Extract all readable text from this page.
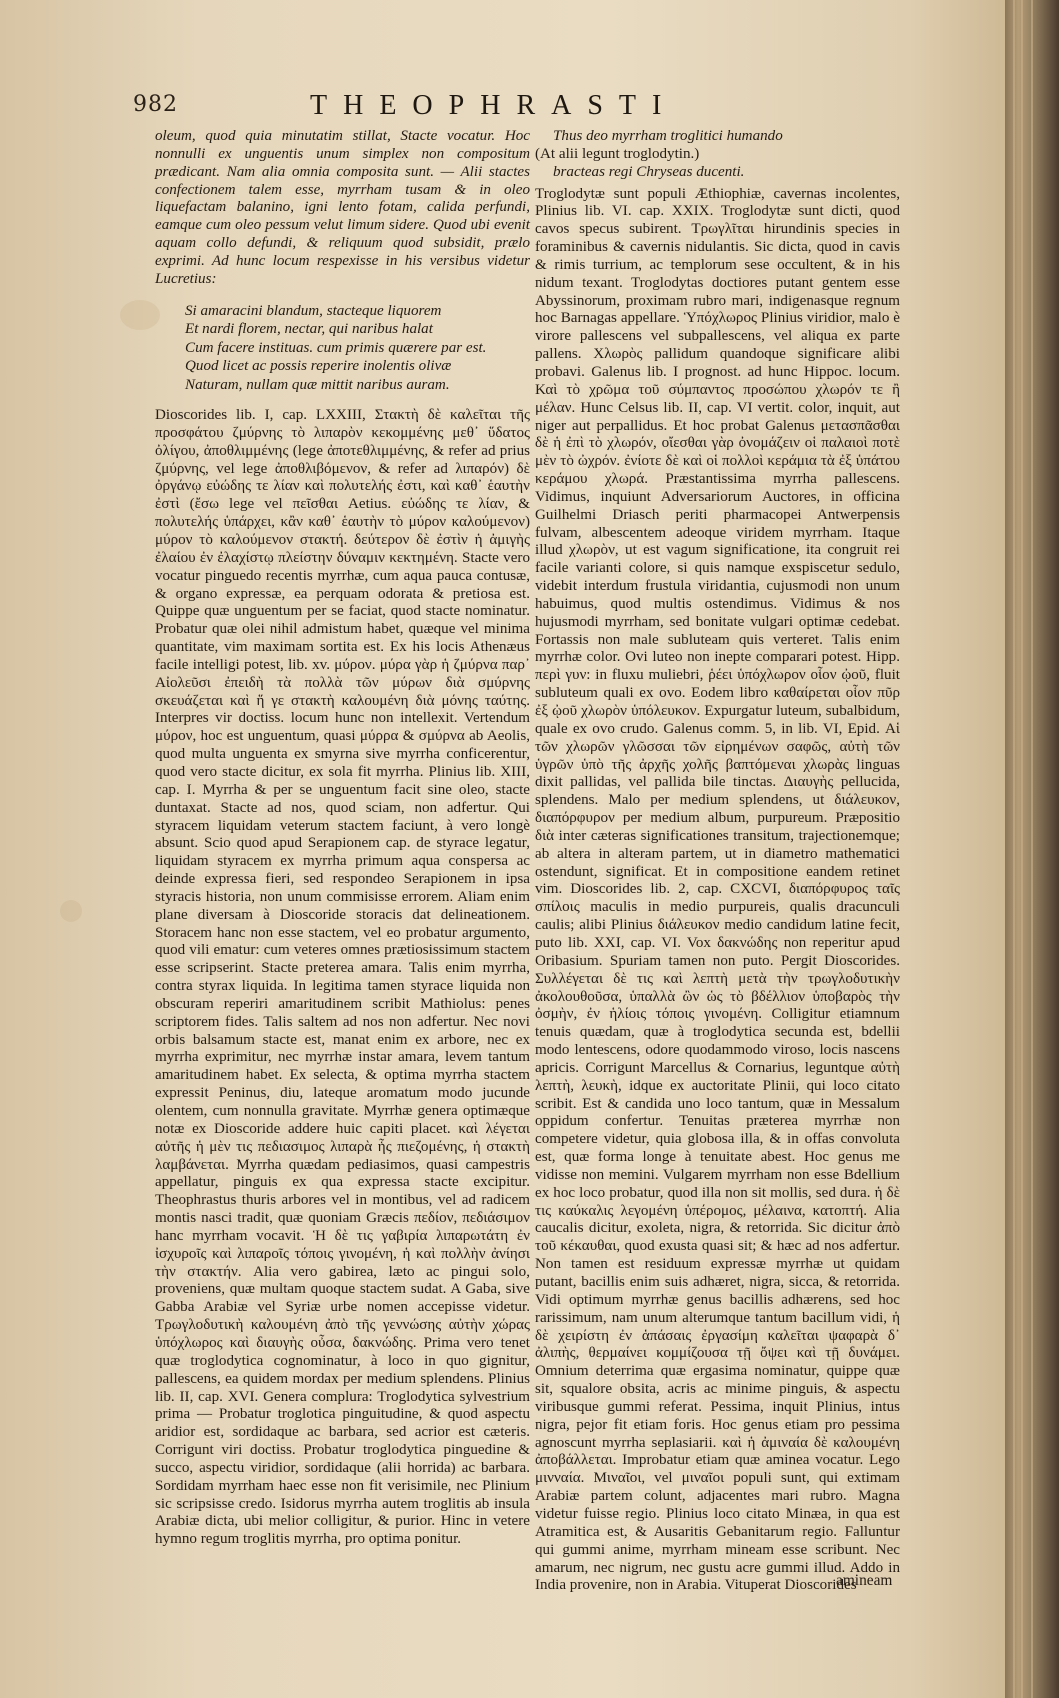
982	THEOPHRASTI

oleum, quod quia minutatim stillat, Stacte vocatur. Hoc nonnulli ex unguentis unum simplex non compositum prædicant. Nam alia omnia composita sunt. — Alii stactes confectionem talem esse, myrrham tusam & in oleo liquefactam balanino, igni lento fotam, calida perfundi, eamque cum oleo pessum velut limum sidere. Quod ubi evenit aquam collo defundi, & reliquum quod subsidit, prælo exprimi. Ad hunc locum respexisse in his versibus videtur Lucretius:

Si amaracini blandum, stacteque liquorem
Et nardi florem, nectar, qui naribus halat
Cum facere instituas. cum primis quærere par est.
Quod licet ac possis reperire inolentis olivæ
Naturam, nullam quæ mittit naribus auram.

Dioscorides lib. I, cap. LXXIII, Στακτὴ δὲ καλεῖται τῆς προσφάτου ζμύρνης τὸ λιπαρὸν κεκομμένης μεθ᾽ ὕδατος ὀλίγου, ἀποθλιμμένης (lege ἀποτεθλιμμένης, & refer ad prius ζμύρνης, vel lege ἀποθλιβόμενον, & refer ad λιπαρόν) δὲ ὀργάνῳ εὐώδης τε λίαν καὶ πολυτελής ἐστι, καὶ καθ᾽ ἑαυτὴν ἐστὶ (ἔσω lege vel πεῖσθαι Aetius. εὐώδης τε λίαν, & πολυτελής ὑπάρχει, κἂν καθ᾽ ἑαυτὴν τὸ μύρον καλούμενον) μύρον τὸ καλούμενον στακτή. δεύτερον δὲ ἐστὶν ἡ ἀμιγὴς ἐλαίου ἐν ἐλαχίστῳ πλείστην δύναμιν κεκτημένη. Stacte vero vocatur pinguedo recentis myrrhæ, cum aqua pauca contusæ, & organo expressæ, ea perquam odorata & pretiosa est. Quippe quæ unguentum per se faciat, quod stacte nominatur. Probatur quæ olei nihil admistum habet, quæque vel minima quantitate, vim maximam sortita est. Ex his locis Athenæus facile intelligi potest, lib. xv. μύρον. μύρα γὰρ ἡ ζμύρνα παρ᾽ Αἰολεῦσι ἐπειδὴ τὰ πολλὰ τῶν μύρων διὰ σμύρνης σκευάζεται καὶ ἥ γε στακτὴ καλουμένη διὰ μόνης ταύτης. Interpres vir doctiss. locum hunc non intellexit. Vertendum μύρον, hoc est unguentum, quasi μύρρα & σμύρνα ab Aeolis, quod multa unguenta ex smyrna sive myrrha conficerentur, quod vero stacte dicitur, ex sola fit myrrha. Plinius lib. XIII, cap. I. Myrrha & per se unguentum facit sine oleo, stacte duntaxat. Stacte ad nos, quod sciam, non adfertur. Qui styracem liquidam veterum stactem faciunt, à vero longè absunt. Scio quod apud Serapionem cap. de styrace legatur, liquidam styracem ex myrrha primum aqua conspersa ac deinde expressa fieri, sed respondeo Serapionem in ipsa styracis historia, non unum commisisse errorem. Aliam enim plane diversam à Dioscoride storacis dat delineationem. Storacem hanc non esse stactem, vel eo probatur argumento, quod vili ematur: cum veteres omnes prætiosissimum stactem esse scripserint. Stacte preterea amara. Talis enim myrrha, contra styrax liquida. In legitima tamen styrace liquida non obscuram reperiri amaritudinem scribit Mathiolus: penes scriptorem fides. Talis saltem ad nos non adfertur. Nec novi orbis balsamum stacte est, manat enim ex arbore, nec ex myrrha exprimitur, nec myrrhæ instar amara, levem tantum amaritudinem habet. Ex selecta, & optima myrrha stactem expressit Peninus, diu, lateque aromatum modo jucunde olentem, cum nonnulla gravitate. Myrrhæ genera optimæque notæ ex Dioscoride addere huic capiti placet. καὶ λέγεται αὐτῆς ἡ μὲν τις πεδιασιμος λιπαρὰ ἧς πιεζομένης, ἡ στακτὴ λαμβάνεται. Myrrha quædam pediasimos, quasi campestris appellatur, pinguis ex qua expressa stacte excipitur. Theophrastus thuris arbores vel in montibus, vel ad radicem montis nasci tradit, quæ quoniam Græcis πεδίον, πεδιάσιμον hanc myrrham vocavit. Ἡ δὲ τις γαβιρία λιπαρωτάτη ἐν ἰσχυροῖς καὶ λιπαροῖς τόποις γινομένη, ἡ καὶ πολλὴν ἀνίησι τὴν στακτήν. Alia vero gabirea, læto ac pingui solo, proveniens, quæ multam quoque stactem sudat. A Gaba, sive Gabba Arabiæ vel Syriæ urbe nomen accepisse videtur. Τρωγλοδυτικὴ καλουμένη ἀπὸ τῆς γεννώσης αὐτὴν χώρας ὑπόχλωρος καὶ διαυγὴς οὖσα, δακνώδης. Prima vero tenet quæ troglodytica cognominatur, à loco in quo gignitur, pallescens, ea quidem mordax per medium splendens. Plinius lib. II, cap. XVI. Genera complura: Troglodytica sylvestrium prima — Probatur troglotica pinguitudine, & quod aspectu aridior est, sordidaque ac barbara, sed acrior est cæteris. Corrigunt viri doctiss. Probatur troglodytica pinguedine & succo, aspectu viridior, sordidaque (alii horrida) ac barbara. Sordidam myrrham haec esse non fit verisimile, nec Plinium sic scripsisse credo. Isidorus myrrha autem troglitis ab insula Arabiæ dicta, ubi melior colligitur, & purior. Hinc in vetere hymno regum troglitis myrrha, pro optima ponitur.

Thus deo myrrham troglitici humando
(At alii legunt troglodytin.)
bracteas regi Chryseas ducenti.

Troglodytæ sunt populi Æthiophiæ, cavernas incolentes, Plinius lib. VI. cap. XXIX. Troglodytæ sunt dicti, quod cavos specus subirent. Τρωγλῖται hirundinis species in foraminibus & cavernis nidulantis. Sic dicta, quod in cavis & rimis turrium, ac templorum sese occultent, & in his nidum texant. Troglodytas doctiores putant gentem esse Abyssinorum, proximam rubro mari, indigenasque regnum hoc Barnagas appellare. Ὑπόχλωρος Plinius viridior, malo è virore pallescens vel subpallescens, vel aliqua ex parte pallens. Χλωρὸς pallidum quandoque significare alibi probavi. Galenus lib. I prognost. ad hunc Hippoc. locum. Καὶ τὸ χρῶμα τοῦ σύμπαντος προσώπου χλωρόν τε ἢ μέλαν. Hunc Celsus lib. II, cap. VI vertit. color, inquit, aut niger aut perpallidus. Et hoc probat Galenus μετασπᾶσθαι δὲ ἡ ἐπὶ τὸ χλωρόν, οἴεσθαι γὰρ ὀνομάζειν οἱ παλαιοὶ ποτὲ μὲν τὸ ὠχρόν. ἐνίοτε δὲ καὶ οἱ πολλοὶ κεράμια τὰ ἐξ ὑπάτου κεράμου χλωρά. Præstantissima myrrha pallescens. Vidimus, inquiunt Adversariorum Auctores, in officina Guilhelmi Driasch periti pharmacopei Antwerpensis fulvam, albescentem adeoque viridem myrrham. Itaque illud χλωρὸν, ut est vagum significatione, ita congruit rei facile varianti colore, si quis namque exspiscetur sedulo, videbit interdum frustula viridantia, cujusmodi non unum habuimus, quod multis ostendimus. Vidimus & nos hujusmodi myrrham, sed bonitate vulgari optimæ cedebat. Fortassis non male subluteam quis verteret. Talis enim myrrhæ color. Ovi luteo non inepte comparari potest. Hipp. περὶ γυν: in fluxu muliebri, ῥέει ὑπόχλωρον οἷον ᾠοῦ, fluit subluteum quali ex ovo. Eodem libro καθαίρεται οἷον πῦρ ἐξ ᾠοῦ χλωρὸν ὑπόλευκον. Expurgatur luteum, subalbidum, quale ex ovo crudo. Galenus comm. 5, in lib. VI, Epid. Αἱ τῶν χλωρῶν γλῶσσαι τῶν εἰρημένων σαφῶς, αὐτὴ τῶν ὑγρῶν ὑπὸ τῆς ἀρχῆς χολῆς βαπτόμεναι χλωρὰς linguas dixit pallidas, vel pallida bile tinctas. Διαυγὴς pellucida, splendens. Malo per medium splendens, ut διάλευκον, διαπόρφυρον per medium album, purpureum. Præpositio διὰ inter cæteras significationes transitum, trajectionemque; ab altera in alteram partem, ut in diametro mathematici ostendunt, significat. Et in compositione eandem retinet vim. Dioscorides lib. 2, cap. CXCVI, διαπόρφυρος ταῖς σπίλοις maculis in medio purpureis, qualis dracunculi caulis; alibi Plinius διάλευκον medio candidum latine fecit, puto lib. XXI, cap. VI. Vox δακνώδης non reperitur apud Oribasium. Spuriam tamen non puto. Pergit Dioscorides. Συλλέγεται δὲ τις καὶ λεπτὴ μετὰ τὴν τρωγλοδυτικὴν ἀκολουθοῦσα, ὑπαλλὰ ὢν ὡς τὸ βδέλλιον ὑποβαρὸς τὴν ὀσμὴν, ἐν ἡλίοις τόποις γινομένη. Colligitur etiamnum tenuis quædam, quæ à troglodytica secunda est, bdellii modo lentescens, odore quodammodo viroso, locis nascens apricis. Corrigunt Marcellus & Cornarius, leguntque αὐτὴ λεπτὴ, λευκὴ, idque ex auctoritate Plinii, qui loco citato scribit. Est & candida uno loco tantum, quæ in Messalum oppidum confertur. Tenuitas præterea myrrhæ non competere videtur, quia globosa illa, & in offas convoluta est, quæ forma longe à tenuitate abest. Hoc genus me vidisse non memini. Vulgarem myrrham non esse Bdellium ex hoc loco probatur, quod illa non sit mollis, sed dura. ἡ δὲ τις καύκαλις λεγομένη ὑπέρομος, μέλαινα, κατοπτή. Alia caucalis dicitur, exoleta, nigra, & retorrida. Sic dicitur ἀπὸ τοῦ κέκαυθαι, quod exusta quasi sit; & hæc ad nos adfertur. Non tamen est residuum expressæ myrrhæ ut quidam putant, bacillis enim suis adhæret, nigra, sicca, & retorrida. Vidi optimum myrrhæ genus bacillis adhærens, sed hoc rarissimum, nam unum alterumque tantum bacillum vidi, ἡ δὲ χειρίστη ἐν ἁπάσαις ἐργασίμη καλεῖται ψαφαρὰ δ᾽ ἀλιπὴς, θερμαίνει κομμίζουσα τῇ ὄψει καὶ τῇ δυνάμει. Omnium deterrima quæ ergasima nominatur, quippe quæ sit, squalore obsita, acris ac minime pinguis, & aspectu viribusque gummi referat. Pessima, inquit Plinius, intus nigra, pejor fit etiam foris. Hoc genus etiam pro pessima agnoscunt myrrha seplasiarii. καὶ ἡ ἀμιναία δὲ καλουμένη ἀποβάλλεται. Improbatur etiam quæ aminea vocatur. Lego μινναία. Μιναῖοι, vel μιναῖοι populi sunt, qui extimam Arabiæ partem colunt, adjacentes mari rubro. Magna videtur fuisse regio. Plinius loco citato Minæa, in qua est Atramitica est, & Ausaritis Gebanitarum regio. Falluntur qui gummi anime, myrrham mineam esse scribunt. Nec amarum, nec nigrum, nec gustu acre gummi illud. Addo in India provenire, non in Arabia. Vituperat Dioscorides

amineam
